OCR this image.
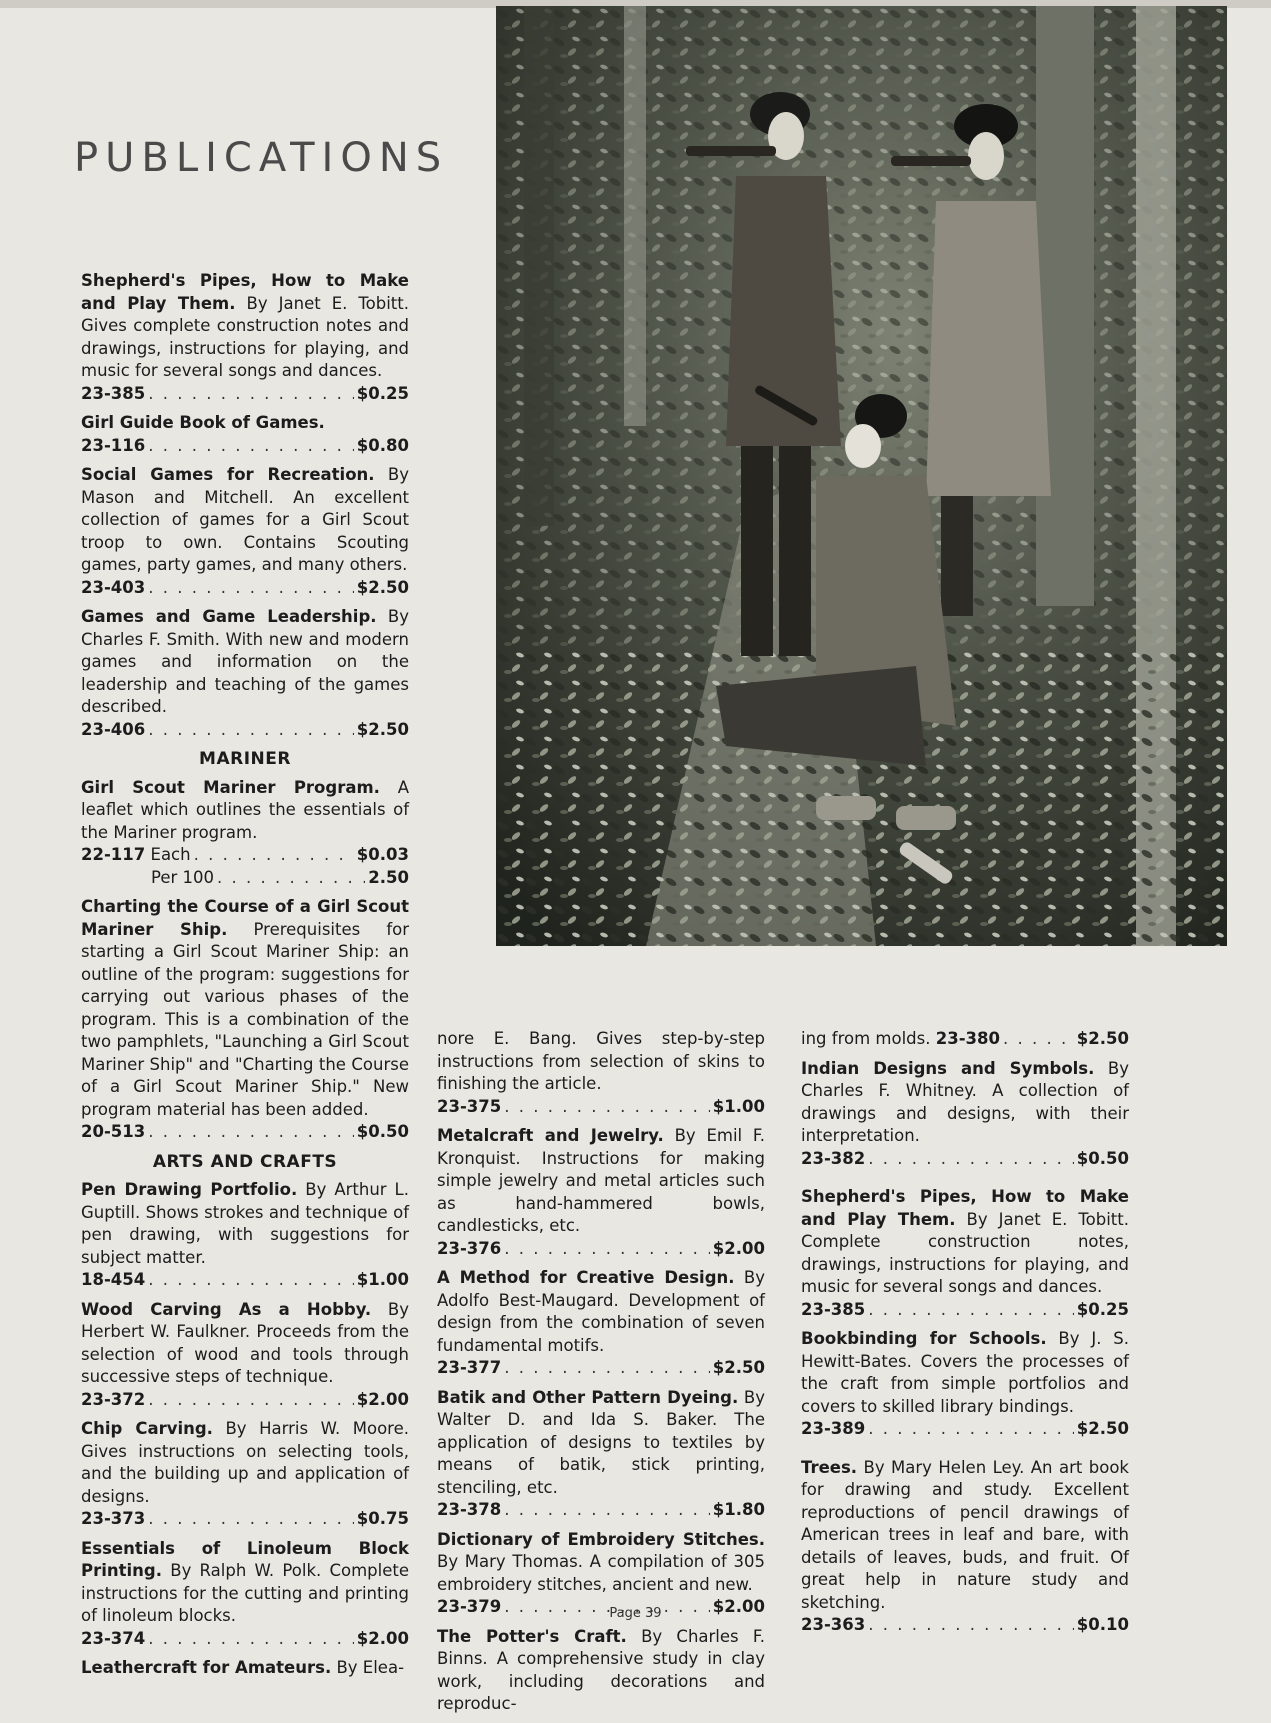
PUBLICATIONS
Shepherd's Pipes, How to Make and Play Them. By Janet E. Tobitt. Gives complete construction notes and drawings, instructions for playing, and music for several songs and dances.
23-385 . . .	$0.25
Girl Guide Book of Games.
23-116 . . .	$0.80
Social Games for Recreation. By Mason and Mitchell. An excellent collection of games for a Girl Scout troop to own. Contains Scouting games, party games, and many others.
23-403 . . .	$2.50
Games and Game Leadership. By Charles F. Smith. With new and modern games and information on the leadership and teaching of the games described.
23-406 . . .	$2.50
MARINER
Girl Scout Mariner Program. A leaflet which outlines the essentials of the Mariner program.
22-117
Each . . .	$0.03
Per 100 . . .	2.50
Charting the Course of a Girl Scout Mariner Ship. Prerequisites for starting a Girl Scout Mariner Ship: an outline of the program: suggestions for carrying out various phases of the program. This is a combination of the two pamphlets, "Launching a Girl Scout Mariner Ship" and "Charting the Course of a Girl Scout Mariner Ship." New program material has been added.
20-513 . . .	$0.50
ARTS AND CRAFTS
Pen Drawing Portfolio. By Arthur L. Guptill. Shows strokes and technique of pen drawing, with suggestions for subject matter.
18-454 . . .	$1.00
Wood Carving As a Hobby. By Herbert W. Faulkner. Proceeds from the selection of wood and tools through successive steps of technique.
23-372 . . .	$2.00
Chip Carving. By Harris W. Moore. Gives instructions on selecting tools, and the building up and application of designs.
23-373 . . .	$0.75
Essentials of Linoleum Block Printing. By Ralph W. Polk. Complete instructions for the cutting and printing of linoleum blocks.
23-374 . . .	$2.00
Leathercraft for Amateurs. By Elea-
nore E. Bang. Gives step-by-step instructions from selection of skins to finishing the article.
23-375 . . .	$1.00
Metalcraft and Jewelry. By Emil F. Kronquist. Instructions for making simple jewelry and metal articles such as hand-hammered bowls, candlesticks, etc.
23-376 . . .	$2.00
A Method for Creative Design. By Adolfo Best-Maugard. Development of design from the combination of seven fundamental motifs.
23-377 . . .	$2.50
Batik and Other Pattern Dyeing. By Walter D. and Ida S. Baker. The application of designs to textiles by means of batik, stick printing, stenciling, etc.
23-378 . . .	$1.80
Dictionary of Embroidery Stitches. By Mary Thomas. A compilation of 305 embroidery stitches, ancient and new.
23-379 . . .	$2.00
The Potter's Craft. By Charles F. Binns. A comprehensive study in clay work, including decorations and reproduc-
ing from molds.
23-380 . . .	$2.50
Indian Designs and Symbols. By Charles F. Whitney. A collection of drawings and designs, with their interpretation.
23-382 . . .	$0.50
Shepherd's Pipes, How to Make and Play Them. By Janet E. Tobitt. Complete construction notes, drawings, instructions for playing, and music for several songs and dances.
23-385 . . .	$0.25
Bookbinding for Schools. By J. S. Hewitt-Bates. Covers the processes of the craft from simple portfolios and covers to skilled library bindings.
23-389 . . .	$2.50
Trees. By Mary Helen Ley. An art book for drawing and study. Excellent reproductions of pencil drawings of American trees in leaf and bare, with details of leaves, buds, and fruit. Of great help in nature study and sketching.
23-363 . . .	$0.10
Page 39
